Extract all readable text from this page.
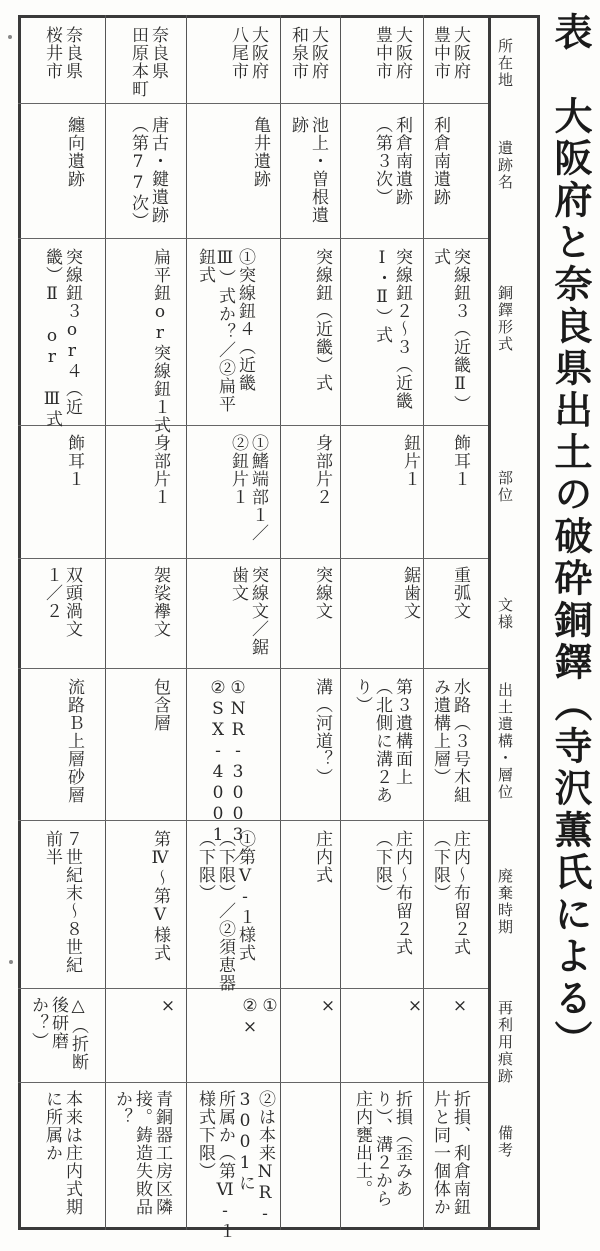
表　大阪府と奈良県出土の破砕銅鐸（寺沢薫氏による）
所在地
遺跡名
銅鐸形式
部位
文様
出土遺構・層位
廃棄時期
再利用痕跡
備考
大阪府
豊中市
利倉南遺跡
突線鈕３（近畿Ⅱ）
式
飾耳１
重弧文
水路（３号木組
み遺構上層）
庄内～布留２式
（下限）
×
折損、利倉南鈕
片と同一個体か
大阪府
豊中市
利倉南遺跡
（第３次）
突線鈕２～３（近畿
Ⅰ・Ⅱ）式
鈕片１
鋸歯文
第３遺構面上
（北側に溝２あ
り）
庄内～布留２式
（下限）
×
折損（歪みあ
り）、溝２から
庄内甕出土。
大阪府
和泉市
池上・曽根遺
跡
突線鈕（近畿）式
身部片２
突線文
溝（河道？）
庄内式
×
大阪府
八尾市
亀井遺跡
①突線鈕４（近畿
Ⅲ）式か？／②扁平
鈕式
①鰭端部１／
②鈕片１
突線文／鋸
歯文
①NR-3003／
②SX-4001
①第Ⅴ-１様式
（下限）／②須恵器
（下限）
①
②×
②は本来NR-3001に
所属か（第Ⅵ-１
様式下限）
奈良県
田原本町
唐古・鍵遺跡
（第77次）
扁平鈕or突線鈕１式
身部片１
袈裟襷文
包含層
第Ⅳ～第Ⅴ様式
×
青銅器工房区隣
接。鋳造失敗品
か？
奈良県
桜井市
纏向遺跡
突線鈕３or４（近
畿）Ⅱ or Ⅲ式
飾耳１
双頭渦文
１／２
流路Ｂ上層砂層
７世紀末～８世紀
前半
△（折断
後研磨
か？）
本来は庄内式期
に所属か
